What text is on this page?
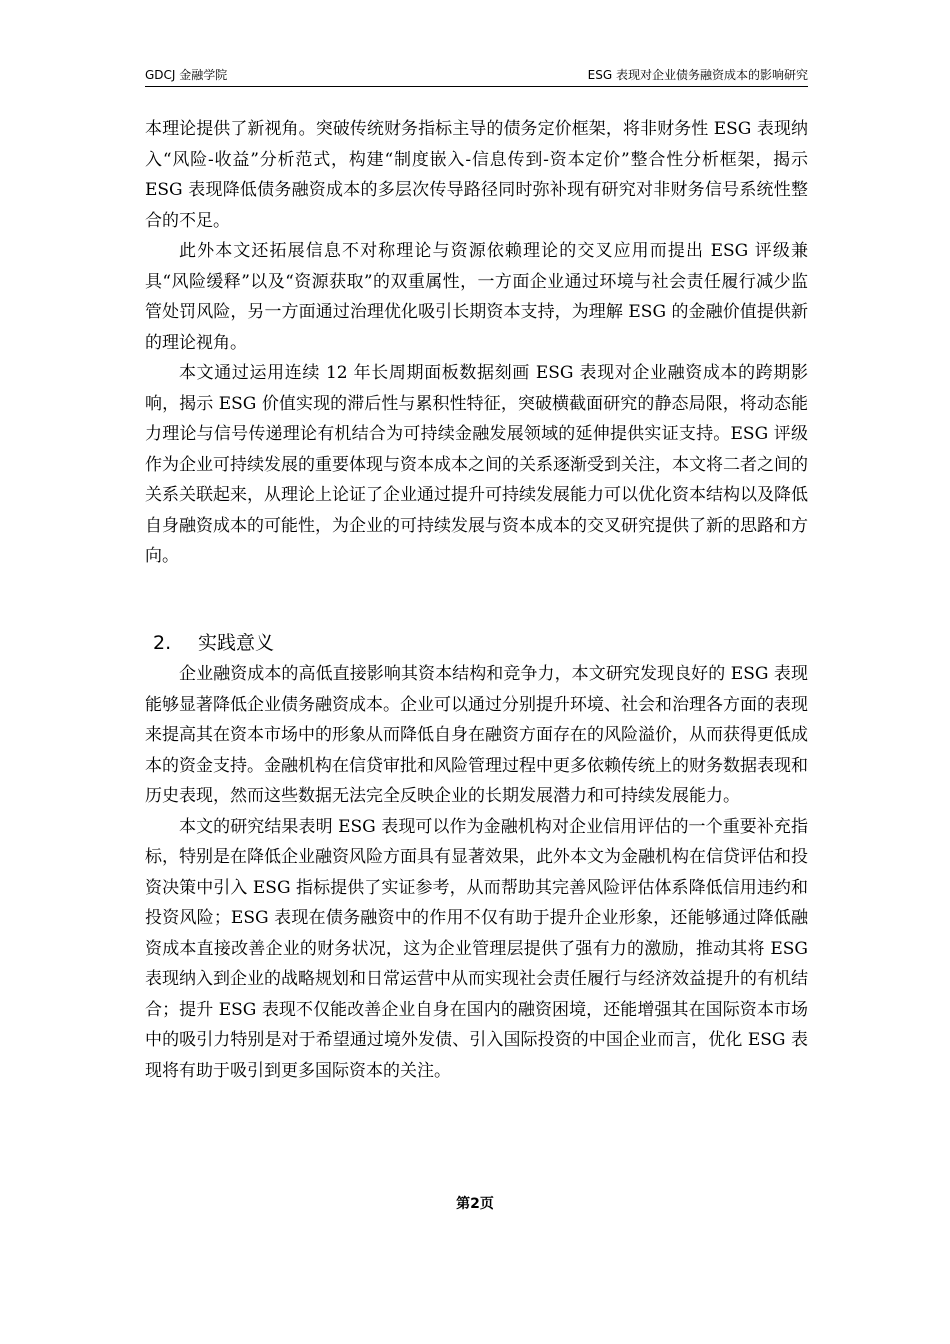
GDCJ 金融学院	ESG 表现对企业债务融资成本的影响研究

本理论提供了新视角。突破传统财务指标主导的债务定价框架，将非财务性 ESG 表现纳入“风险-收益”分析范式，构建“制度嵌入-信息传到-资本定价”整合性分析框架，揭示 ESG 表现降低债务融资成本的多层次传导路径同时弥补现有研究对非财务信号系统性整合的不足。

此外本文还拓展信息不对称理论与资源依赖理论的交叉应用而提出 ESG 评级兼具“风险缓释”以及“资源获取”的双重属性，一方面企业通过环境与社会责任履行减少监管处罚风险，另一方面通过治理优化吸引长期资本支持，为理解 ESG 的金融价值提供新的理论视角。

本文通过运用连续 12 年长周期面板数据刻画 ESG 表现对企业融资成本的跨期影响，揭示 ESG 价值实现的滞后性与累积性特征，突破横截面研究的静态局限，将动态能力理论与信号传递理论有机结合为可持续金融发展领域的延伸提供实证支持。ESG 评级作为企业可持续发展的重要体现与资本成本之间的关系逐渐受到关注，本文将二者之间的关系关联起来，从理论上论证了企业通过提升可持续发展能力可以优化资本结构以及降低自身融资成本的可能性，为企业的可持续发展与资本成本的交叉研究提供了新的思路和方向。

2. 实践意义

企业融资成本的高低直接影响其资本结构和竞争力，本文研究发现良好的 ESG 表现能够显著降低企业债务融资成本。企业可以通过分别提升环境、社会和治理各方面的表现来提高其在资本市场中的形象从而降低自身在融资方面存在的风险溢价，从而获得更低成本的资金支持。金融机构在信贷审批和风险管理过程中更多依赖传统上的财务数据表现和历史表现，然而这些数据无法完全反映企业的长期发展潜力和可持续发展能力。

本文的研究结果表明 ESG 表现可以作为金融机构对企业信用评估的一个重要补充指标，特别是在降低企业融资风险方面具有显著效果，此外本文为金融机构在信贷评估和投资决策中引入 ESG 指标提供了实证参考，从而帮助其完善风险评估体系降低信用违约和投资风险；ESG 表现在债务融资中的作用不仅有助于提升企业形象，还能够通过降低融资成本直接改善企业的财务状况，这为企业管理层提供了强有力的激励，推动其将 ESG 表现纳入到企业的战略规划和日常运营中从而实现社会责任履行与经济效益提升的有机结合；提升 ESG 表现不仅能改善企业自身在国内的融资困境，还能增强其在国际资本市场中的吸引力特别是对于希望通过境外发债、引入国际投资的中国企业而言，优化 ESG 表现将有助于吸引到更多国际资本的关注。

第2页
